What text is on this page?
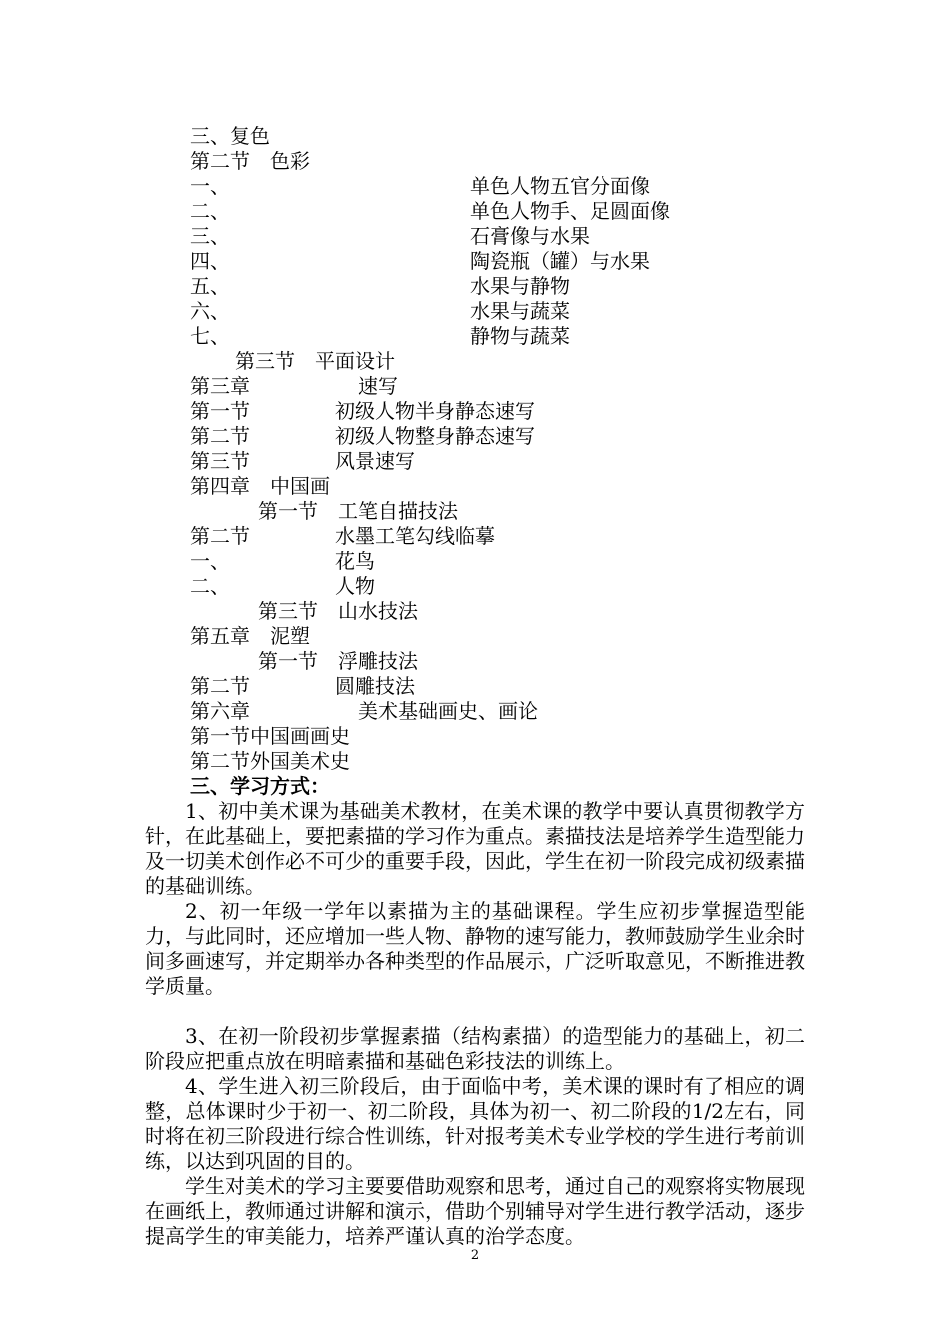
三、复色
第二节　色彩
一、	单色人物五官分面像
二、	单色人物手、足圆面像
三、	石膏像与水果
四、	陶瓷瓶（罐）与水果
五、	水果与静物
六、	水果与蔬菜
七、	静物与蔬菜
第三节　平面设计
第三章	速写
第一节	初级人物半身静态速写
第二节	初级人物整身静态速写
第三节	风景速写
第四章　中国画
第一节　工笔自描技法
第二节	水墨工笔勾线临摹
一、	花鸟
二、	人物
第三节　山水技法
第五章　泥塑
第一节　浮雕技法
第二节	圆雕技法
第六章	美术基础画史、画论
第一节中国画画史
第二节外国美术史
三、学习方式：

1、初中美术课为基础美术教材，在美术课的教学中要认真贯彻教学方针，在此基础上，要把素描的学习作为重点。素描技法是培养学生造型能力及一切美术创作必不可少的重要手段，因此，学生在初一阶段完成初级素描的基础训练。

2、初一年级一学年以素描为主的基础课程。学生应初步掌握造型能力，与此同时，还应增加一些人物、静物的速写能力，教师鼓励学生业余时间多画速写，并定期举办各种类型的作品展示，广泛听取意见，不断推进教学质量。

3、在初一阶段初步掌握素描（结构素描）的造型能力的基础上，初二阶段应把重点放在明暗素描和基础色彩技法的训练上。

4、学生进入初三阶段后，由于面临中考，美术课的课时有了相应的调整，总体课时少于初一、初二阶段，具体为初一、初二阶段的1/2左右，同时将在初三阶段进行综合性训练，针对报考美术专业学校的学生进行考前训练，以达到巩固的目的。

学生对美术的学习主要要借助观察和思考，通过自己的观察将实物展现在画纸上，教师通过讲解和演示，借助个别辅导对学生进行教学活动，逐步提高学生的审美能力，培养严谨认真的治学态度。

2
